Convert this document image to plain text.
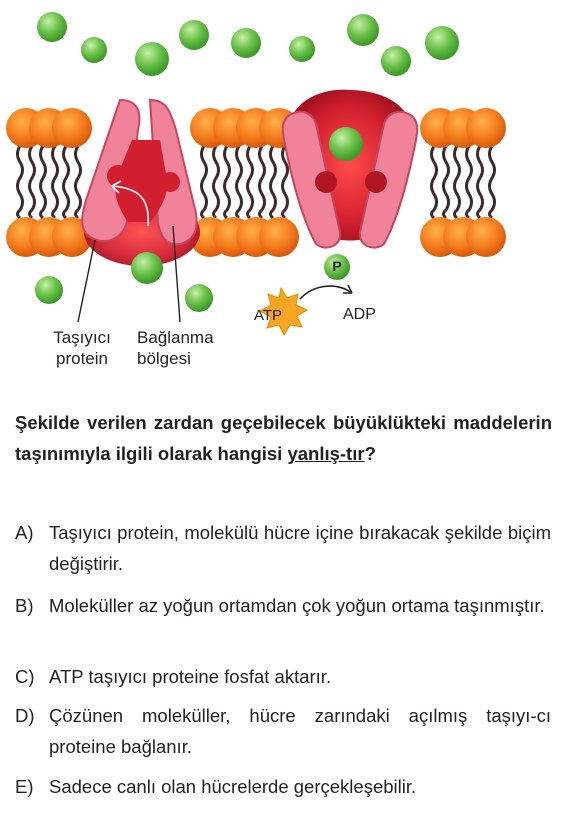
Taşıyıcı protein
Bağlanma bölgesi
ATP	ADP
P
Şekilde verilen zardan geçebilecek büyüklükteki maddelerin taşınımıyla ilgili olarak hangisi yanlış-tır?
A) Taşıyıcı protein, molekülü hücre içine bırakacak şekilde biçim değiştirir.
B) Moleküller az yoğun ortamdan çok yoğun ortama taşınmıştır.
C) ATP taşıyıcı proteine fosfat aktarır.
D) Çözünen moleküller, hücre zarındaki açılmış taşıyı-cı proteine bağlanır.
E) Sadece canlı olan hücrelerde gerçekleşebilir.
